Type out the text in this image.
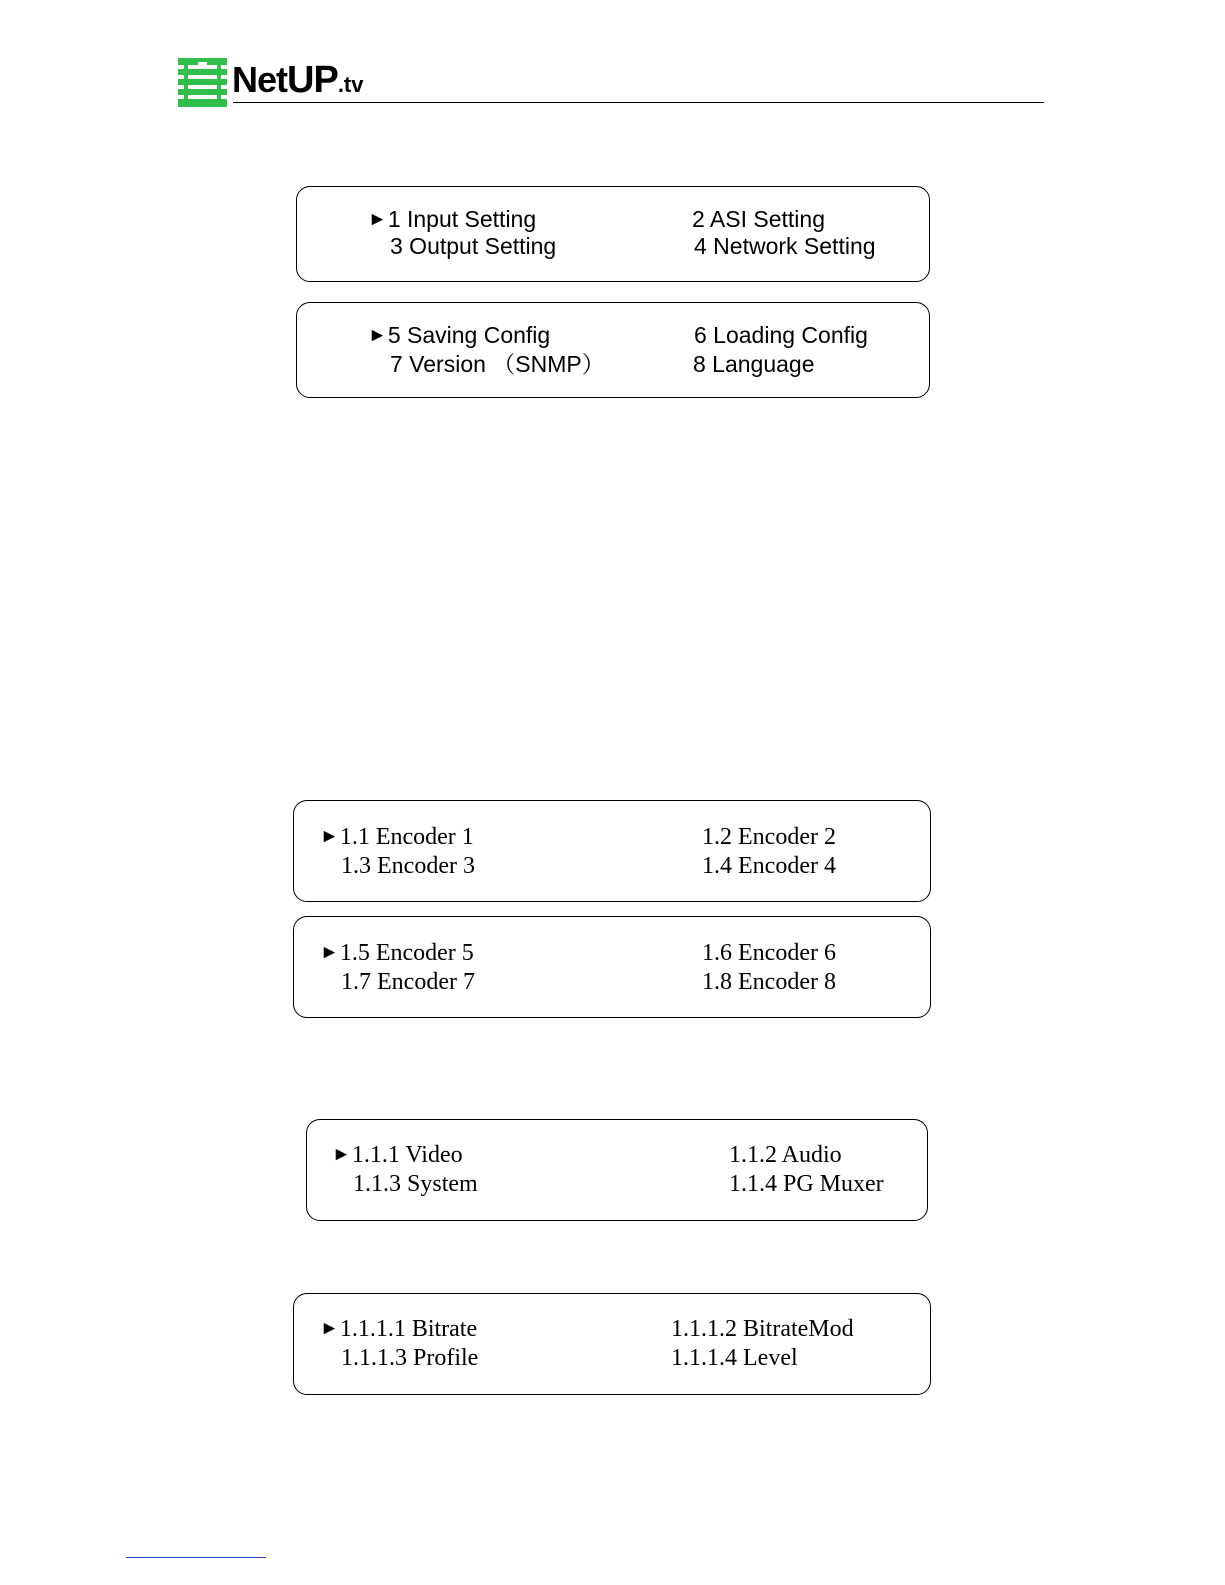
NetUP.tv
►1 Input Setting	2 ASI Setting
3 Output Setting	4 Network Setting
►5 Saving Config	6 Loading Config
7 Version （SNMP）	8 Language
►1.1 Encoder 1	1.2 Encoder 2
1.3 Encoder 3	1.4 Encoder 4
►1.5 Encoder 5	1.6 Encoder 6
1.7 Encoder 7	1.8 Encoder 8
►1.1.1 Video	1.1.2 Audio
1.1.3 System	1.1.4 PG Muxer
►1.1.1.1 Bitrate	1.1.1.2 BitrateMod
1.1.1.3 Profile	1.1.1.4 Level
